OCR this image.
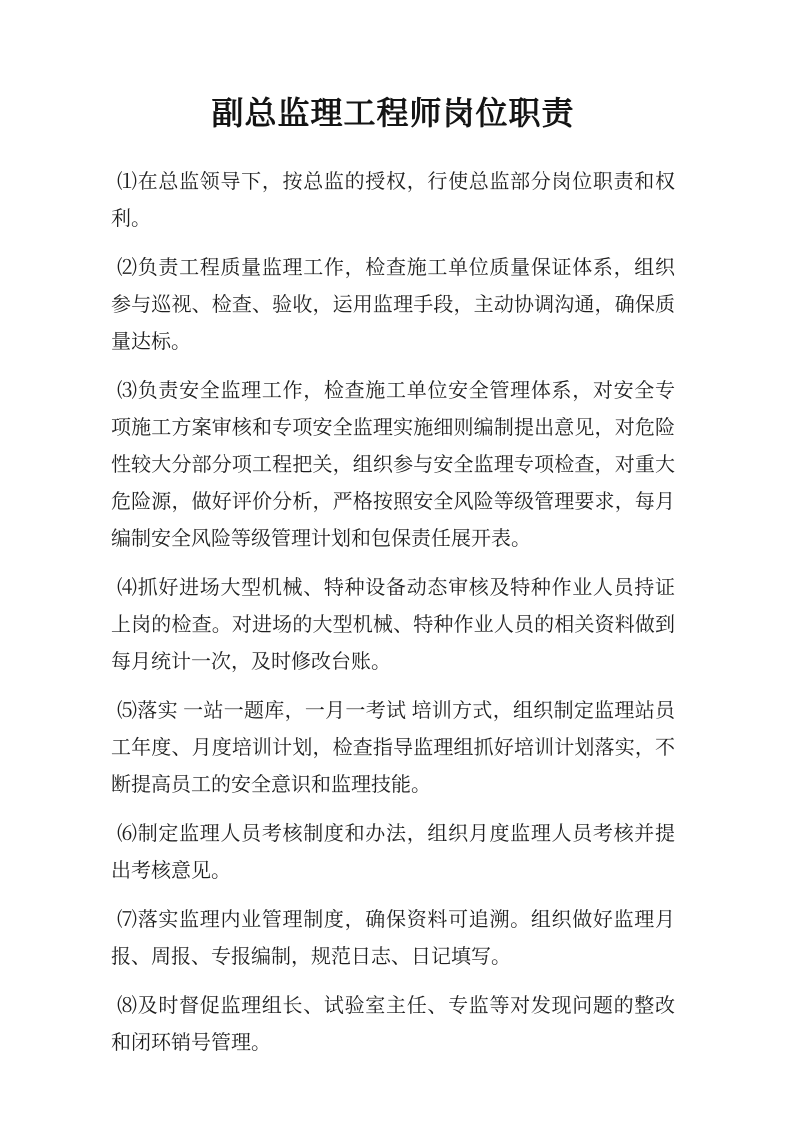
副总监理工程师岗位职责

⑴在总监领导下，按总监的授权，行使总监部分岗位职责和权利。

⑵负责工程质量监理工作，检查施工单位质量保证体系，组织参与巡视、检查、验收，运用监理手段，主动协调沟通，确保质量达标。

⑶负责安全监理工作，检查施工单位安全管理体系，对安全专项施工方案审核和专项安全监理实施细则编制提出意见，对危险性较大分部分项工程把关，组织参与安全监理专项检查，对重大危险源，做好评价分析，严格按照安全风险等级管理要求，每月编制安全风险等级管理计划和包保责任展开表。

⑷抓好进场大型机械、特种设备动态审核及特种作业人员持证上岗的检查。对进场的大型机械、特种作业人员的相关资料做到每月统计一次，及时修改台账。

⑸落实 一站一题库，一月一考试 培训方式，组织制定监理站员工年度、月度培训计划，检查指导监理组抓好培训计划落实，不断提高员工的安全意识和监理技能。

⑹制定监理人员考核制度和办法，组织月度监理人员考核并提出考核意见。

⑺落实监理内业管理制度，确保资料可追溯。组织做好监理月报、周报、专报编制，规范日志、日记填写。

⑻及时督促监理组长、试验室主任、专监等对发现问题的整改和闭环销号管理。
